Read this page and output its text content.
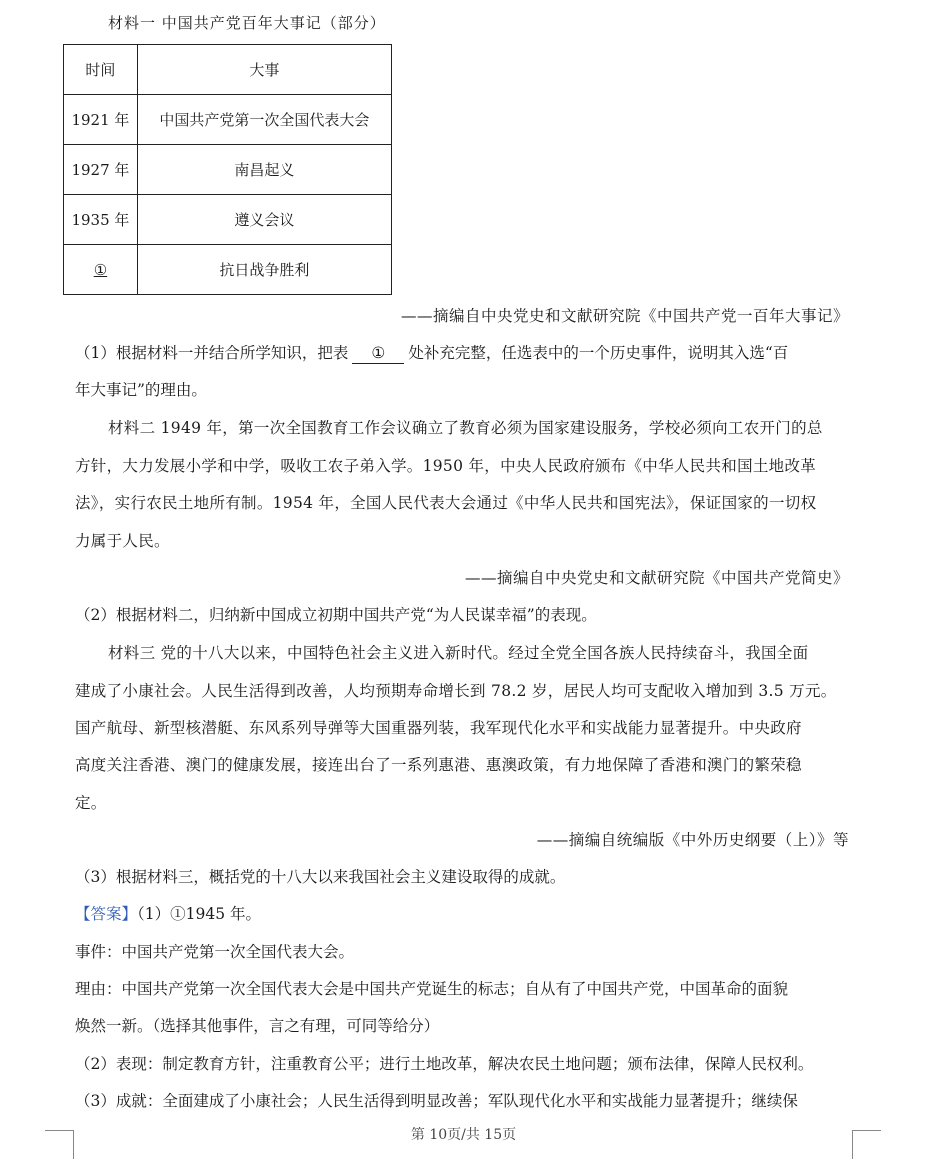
材料一 中国共产党百年大事记（部分）
时间	大事
1921 年	中国共产党第一次全国代表大会
1927 年	南昌起义
1935 年	遵义会议
①	抗日战争胜利
——摘编自中央党史和文献研究院《中国共产党一百年大事记》
（1）根据材料一并结合所学知识，把表 ① 处补充完整，任选表中的一个历史事件，说明其入选“百
年大事记”的理由。
材料二 1949 年，第一次全国教育工作会议确立了教育必须为国家建设服务，学校必须向工农开门的总
方针，大力发展小学和中学，吸收工农子弟入学。1950 年，中央人民政府颁布《中华人民共和国土地改革
法》，实行农民土地所有制。1954 年，全国人民代表大会通过《中华人民共和国宪法》，保证国家的一切权
力属于人民。
——摘编自中央党史和文献研究院《中国共产党简史》
（2）根据材料二，归纳新中国成立初期中国共产党“为人民谋幸福”的表现。
材料三 党的十八大以来，中国特色社会主义进入新时代。经过全党全国各族人民持续奋斗，我国全面
建成了小康社会。人民生活得到改善，人均预期寿命增长到 78.2 岁，居民人均可支配收入增加到 3.5 万元。
国产航母、新型核潜艇、东风系列导弹等大国重器列装，我军现代化水平和实战能力显著提升。中央政府
高度关注香港、澳门的健康发展，接连出台了一系列惠港、惠澳政策，有力地保障了香港和澳门的繁荣稳
定。
——摘编自统编版《中外历史纲要（上）》等
（3）根据材料三，概括党的十八大以来我国社会主义建设取得的成就。
【答案】（1）①1945 年。
事件：中国共产党第一次全国代表大会。
理由：中国共产党第一次全国代表大会是中国共产党诞生的标志；自从有了中国共产党，中国革命的面貌
焕然一新。（选择其他事件，言之有理，可同等给分）
（2）表现：制定教育方针，注重教育公平；进行土地改革，解决农民土地问题；颁布法律，保障人民权利。
（3）成就：全面建成了小康社会；人民生活得到明显改善；军队现代化水平和实战能力显著提升；继续保
第 10页/共 15页
